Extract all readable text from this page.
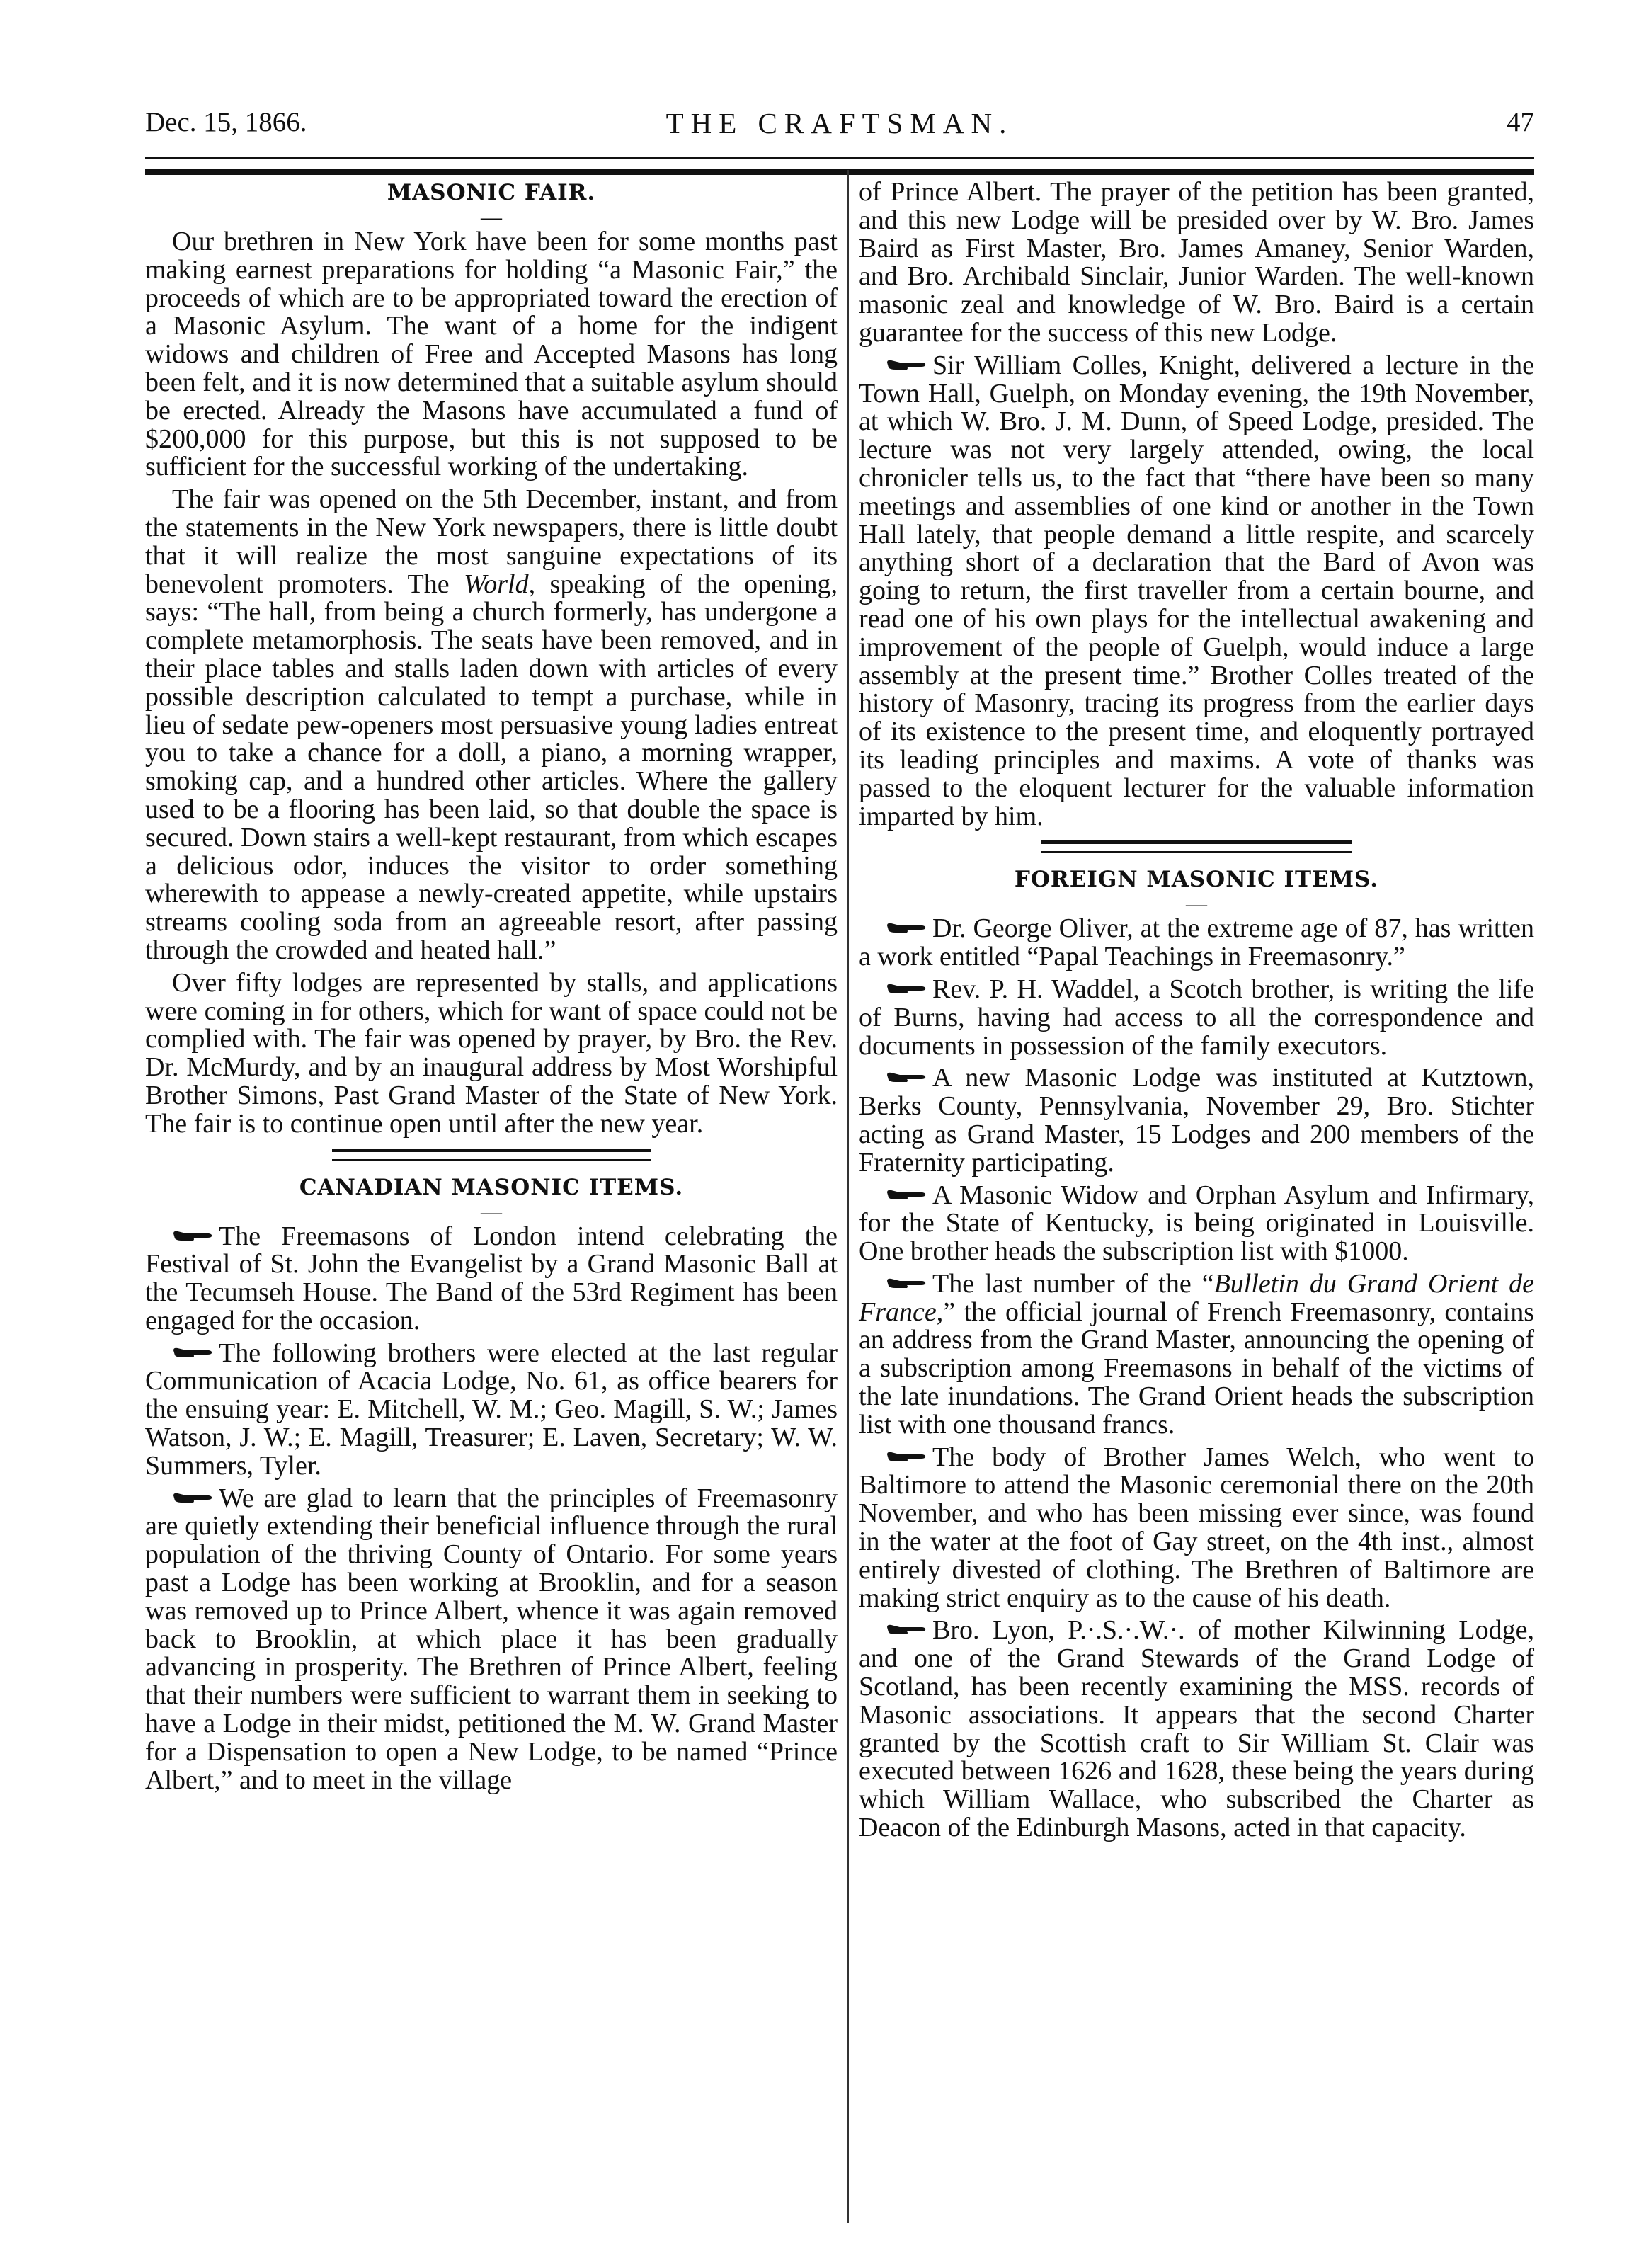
Dec. 15, 1866.	THE CRAFTSMAN.	47
MASONIC FAIR.
—

Our brethren in New York have been for some months past making earnest preparations for holding “a Masonic Fair,” the proceeds of which are to be appropriated toward the erection of a Masonic Asylum. The want of a home for the indigent widows and children of Free and Accepted Masons has long been felt, and it is now determined that a suitable asylum should be erected. Already the Masons have accumulated a fund of $200,000 for this purpose, but this is not supposed to be sufficient for the successful working of the undertaking.

The fair was opened on the 5th December, instant, and from the statements in the New York newspapers, there is little doubt that it will realize the most sanguine expectations of its benevolent promoters. The World, speaking of the opening, says: “The hall, from being a church formerly, has undergone a complete metamorphosis. The seats have been removed, and in their place tables and stalls laden down with articles of every possible description calculated to tempt a purchase, while in lieu of sedate pew-openers most persuasive young ladies entreat you to take a chance for a doll, a piano, a morning wrapper, smoking cap, and a hundred other articles. Where the gallery used to be a flooring has been laid, so that double the space is secured. Down stairs a well-kept restaurant, from which escapes a delicious odor, induces the visitor to order something wherewith to appease a newly-created appetite, while upstairs streams cooling soda from an agreeable resort, after passing through the crowded and heated hall.”

Over fifty lodges are represented by stalls, and applications were coming in for others, which for want of space could not be complied with. The fair was opened by prayer, by Bro. the Rev. Dr. McMurdy, and by an inaugural address by Most Worshipful Brother Simons, Past Grand Master of the State of New York. The fair is to continue open until after the new year.

CANADIAN MASONIC ITEMS.
—

The Freemasons of London intend celebrating the Festival of St. John the Evangelist by a Grand Masonic Ball at the Tecumseh House. The Band of the 53rd Regiment has been engaged for the occasion.

The following brothers were elected at the last regular Communication of Acacia Lodge, No. 61, as office bearers for the ensuing year: E. Mitchell, W. M.; Geo. Magill, S. W.; James Watson, J. W.; E. Magill, Treasurer; E. Laven, Secretary; W. W. Summers, Tyler.

We are glad to learn that the principles of Freemasonry are quietly extending their beneficial influence through the rural population of the thriving County of Ontario. For some years past a Lodge has been working at Brooklin, and for a season was removed up to Prince Albert, whence it was again removed back to Brooklin, at which place it has been gradually advancing in prosperity. The Brethren of Prince Albert, feeling that their numbers were sufficient to warrant them in seeking to have a Lodge in their midst, petitioned the M. W. Grand Master for a Dispensation to open a New Lodge, to be named “Prince Albert,” and to meet in the village

of Prince Albert. The prayer of the petition has been granted, and this new Lodge will be presided over by W. Bro. James Baird as First Master, Bro. James Amaney, Senior Warden, and Bro. Archibald Sinclair, Junior Warden. The well-known masonic zeal and knowledge of W. Bro. Baird is a certain guarantee for the success of this new Lodge.

Sir William Colles, Knight, delivered a lecture in the Town Hall, Guelph, on Monday evening, the 19th November, at which W. Bro. J. M. Dunn, of Speed Lodge, presided. The lecture was not very largely attended, owing, the local chronicler tells us, to the fact that “there have been so many meetings and assemblies of one kind or another in the Town Hall lately, that people demand a little respite, and scarcely anything short of a declaration that the Bard of Avon was going to return, the first traveller from a certain bourne, and read one of his own plays for the intellectual awakening and improvement of the people of Guelph, would induce a large assembly at the present time.” Brother Colles treated of the history of Masonry, tracing its progress from the earlier days of its existence to the present time, and eloquently portrayed its leading principles and maxims. A vote of thanks was passed to the eloquent lecturer for the valuable information imparted by him.

FOREIGN MASONIC ITEMS.
—

Dr. George Oliver, at the extreme age of 87, has written a work entitled “Papal Teachings in Freemasonry.”

Rev. P. H. Waddel, a Scotch brother, is writing the life of Burns, having had access to all the correspondence and documents in possession of the family executors.

A new Masonic Lodge was instituted at Kutztown, Berks County, Pennsylvania, November 29, Bro. Stichter acting as Grand Master, 15 Lodges and 200 members of the Fraternity participating.

A Masonic Widow and Orphan Asylum and Infirmary, for the State of Kentucky, is being originated in Louisville. One brother heads the subscription list with $1000.

The last number of the “Bulletin du Grand Orient de France,” the official journal of French Freemasonry, contains an address from the Grand Master, announcing the opening of a subscription among Freemasons in behalf of the victims of the late inundations. The Grand Orient heads the subscription list with one thousand francs.

The body of Brother James Welch, who went to Baltimore to attend the Masonic ceremonial there on the 20th November, and who has been missing ever since, was found in the water at the foot of Gay street, on the 4th inst., almost entirely divested of clothing. The Brethren of Baltimore are making strict enquiry as to the cause of his death.

Bro. Lyon, P.·.S.·.W.·. of mother Kilwinning Lodge, and one of the Grand Stewards of the Grand Lodge of Scotland, has been recently examining the MSS. records of Masonic associations. It appears that the second Charter granted by the Scottish craft to Sir William St. Clair was executed between 1626 and 1628, these being the years during which William Wallace, who subscribed the Charter as Deacon of the Edinburgh Masons, acted in that capacity.
